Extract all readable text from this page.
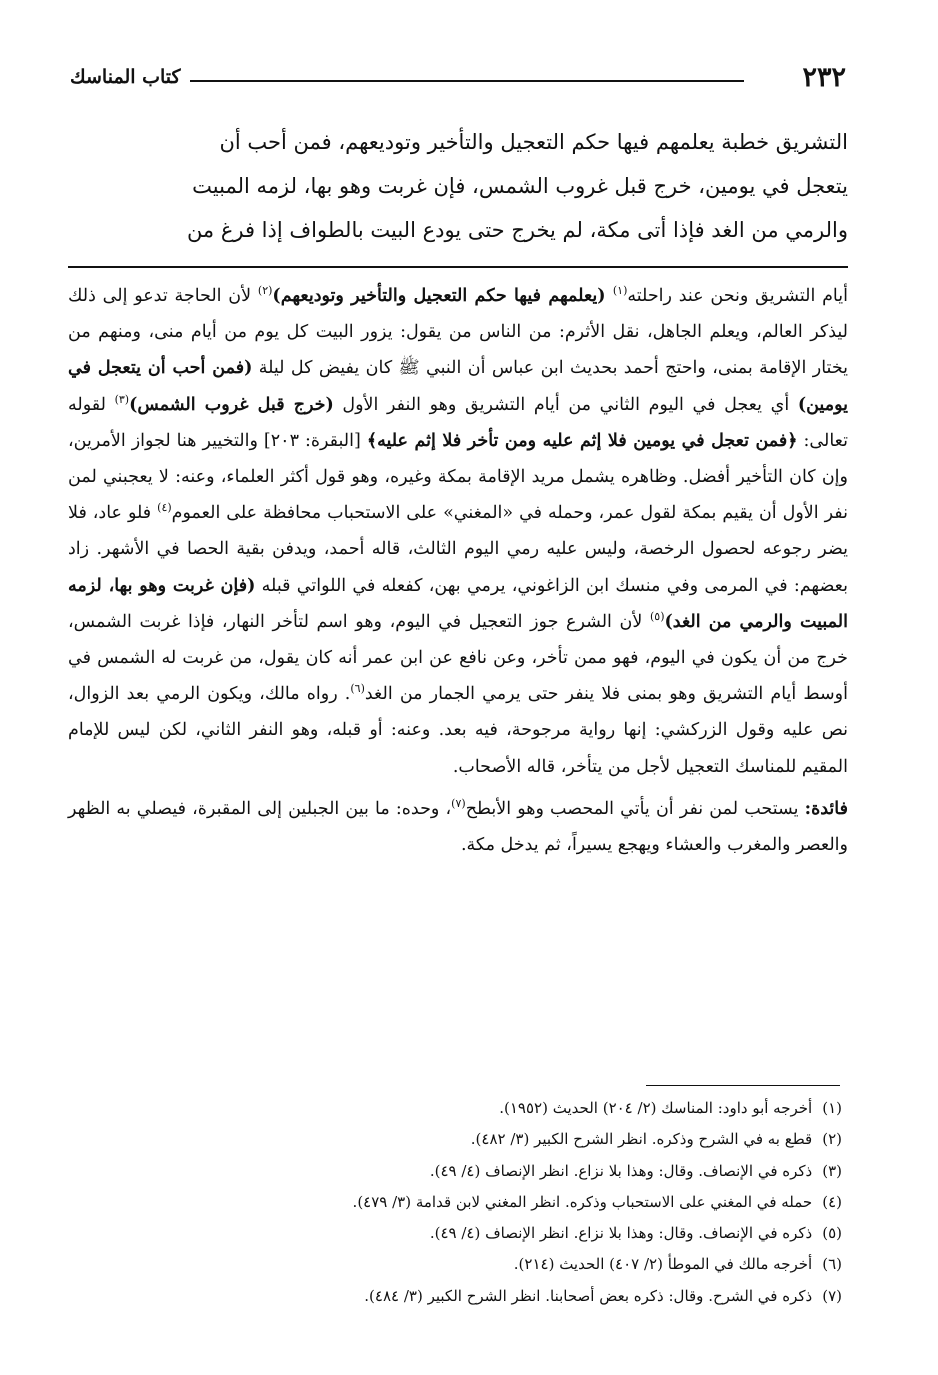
٢٣٢
كتاب المناسك

التشريق خطبة يعلمهم فيها حكم التعجيل والتأخير وتوديعهم، فمن أحب أن

يتعجل في يومين، خرج قبل غروب الشمس، فإن غربت وهو بها، لزمه المبيت

والرمي من الغد فإذا أتى مكة، لم يخرج حتى يودع البيت بالطواف إذا فرغ من

أيام التشريق ونحن عند راحلته$^{(١)}$ (يعلمهم فيها حكم التعجيل والتأخير وتوديعهم)$^{(٢)}$ لأن الحاجة تدعو إلى ذلك ليذكر العالم، ويعلم الجاهل، نقل الأثرم: من الناس من يقول: يزور البيت كل يوم من أيام منى، ومنهم من يختار الإقامة بمنى، واحتج أحمد بحديث ابن عباس أن النبي ﷺ كان يفيض كل ليلة (فمن أحب أن يتعجل في يومين) أي يعجل في اليوم الثاني من أيام التشريق وهو النفر الأول (خرج قبل غروب الشمس)$^{(٣)}$ لقوله تعالى: ﴿فمن تعجل في يومين فلا إثم عليه ومن تأخر فلا إثم عليه﴾ [البقرة: ٢٠٣] والتخيير هنا لجواز الأمرين، وإن كان التأخير أفضل. وظاهره يشمل مريد الإقامة بمكة وغيره، وهو قول أكثر العلماء، وعنه: لا يعجبني لمن نفر الأول أن يقيم بمكة لقول عمر، وحمله في «المغني» على الاستحباب محافظة على العموم$^{(٤)}$ فلو عاد، فلا يضر رجوعه لحصول الرخصة، وليس عليه رمي اليوم الثالث، قاله أحمد، ويدفن بقية الحصا في الأشهر. زاد بعضهم: في المرمى وفي منسك ابن الزاغوني، يرمي بهن، كفعله في اللواتي قبله (فإن غربت وهو بها، لزمه المبيت والرمي من الغد)$^{(٥)}$ لأن الشرع جوز التعجيل في اليوم، وهو اسم لتأخر النهار، فإذا غربت الشمس، خرج من أن يكون في اليوم، فهو ممن تأخر، وعن نافع عن ابن عمر أنه كان يقول، من غربت له الشمس في أوسط أيام التشريق وهو بمنى فلا ينفر حتى يرمي الجمار من الغد$^{(٦)}$. رواه مالك، ويكون الرمي بعد الزوال، نص عليه وقول الزركشي: إنها رواية مرجوحة، فيه بعد. وعنه: أو قبله، وهو النفر الثاني، لكن ليس للإمام المقيم للمناسك التعجيل لأجل من يتأخر، قاله الأصحاب.

فائدة: يستحب لمن نفر أن يأتي المحصب وهو الأبطح$^{(٧)}$، وحده: ما بين الجبلين إلى المقبرة، فيصلي به الظهر والعصر والمغرب والعشاء ويهجع يسيراً، ثم يدخل مكة.

(١)أخرجه أبو داود: المناسك (٢/ ٢٠٤) الحديث (١٩٥٢).
(٢)قطع به في الشرح وذكره. انظر الشرح الكبير (٣/ ٤٨٢).
(٣)ذكره في الإنصاف. وقال: وهذا بلا نزاع. انظر الإنصاف (٤/ ٤٩).
(٤)حمله في المغني على الاستحباب وذكره. انظر المغني لابن قدامة (٣/ ٤٧٩).
(٥)ذكره في الإنصاف. وقال: وهذا بلا نزاع. انظر الإنصاف (٤/ ٤٩).
(٦)أخرجه مالك في الموطأ (٢/ ٤٠٧) الحديث (٢١٤).
(٧)ذكره في الشرح. وقال: ذكره بعض أصحابنا. انظر الشرح الكبير (٣/ ٤٨٤).
